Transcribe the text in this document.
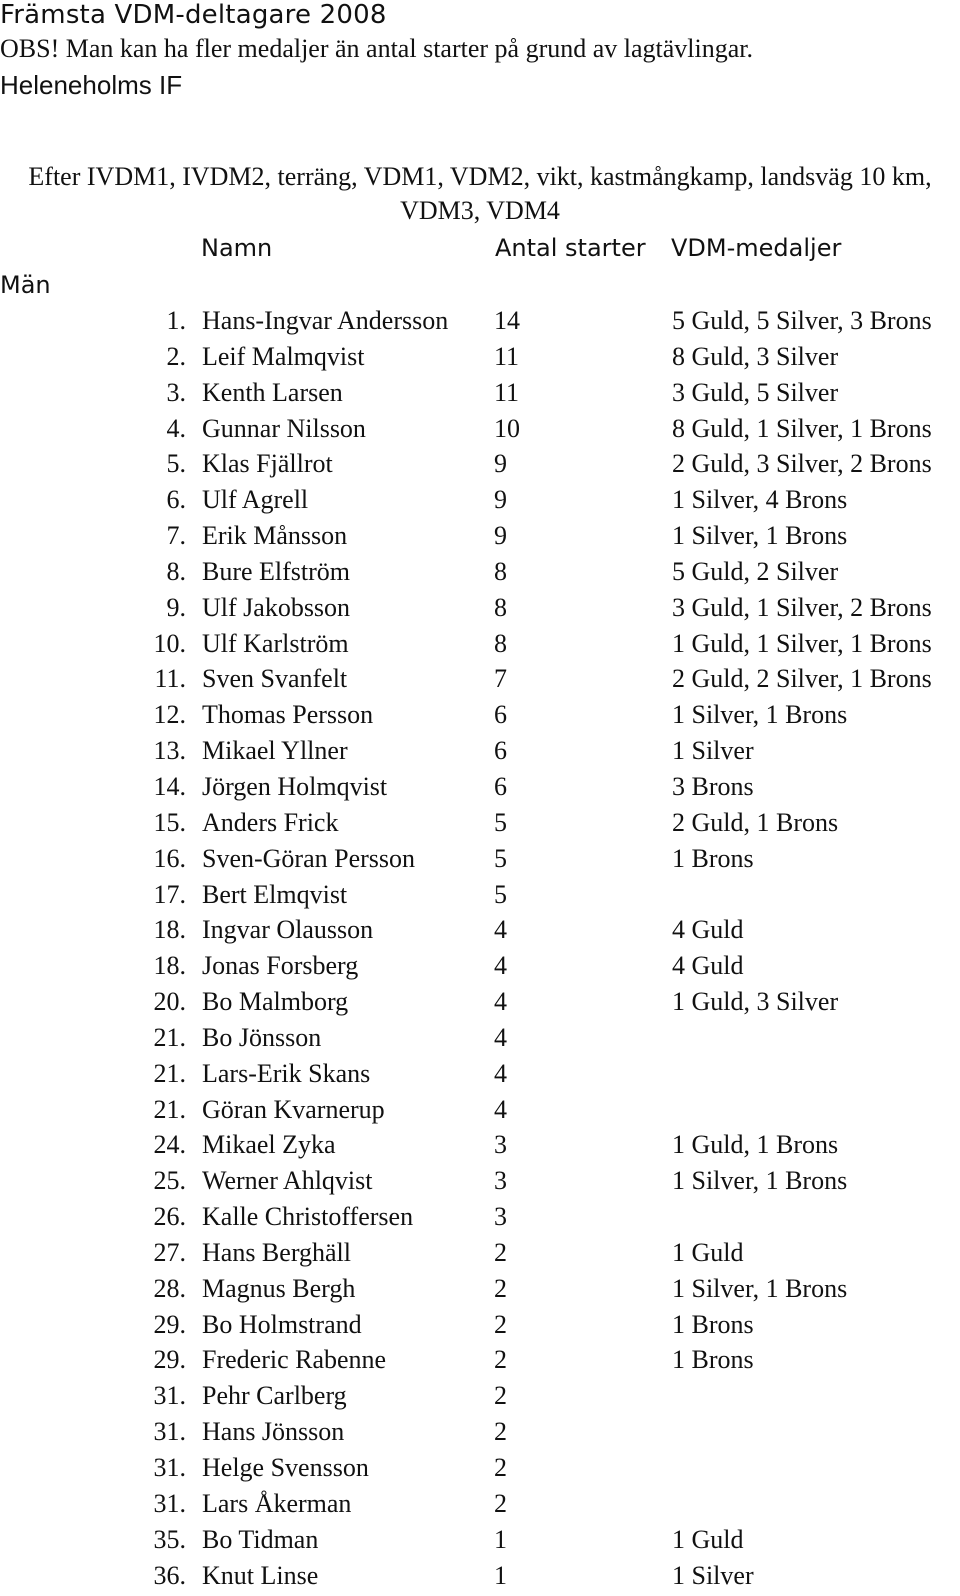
Främsta VDM-deltagare 2008
OBS! Man kan ha fler medaljer än antal starter på grund av lagtävlingar.
Heleneholms IF
Efter IVDM1, IVDM2, terräng, VDM1, VDM2, vikt, kastmångkamp, landsväg 10 km, VDM3, VDM4
Namn	Antal starter VDM-medaljer
Män
1. Hans-Ingvar Andersson 14	5 Guld, 5 Silver, 3 Brons
2. Leif Malmqvist	11	8 Guld, 3 Silver
3. Kenth Larsen	11	3 Guld, 5 Silver
4. Gunnar Nilsson	10	8 Guld, 1 Silver, 1 Brons
5. Klas Fjällrot	9	2 Guld, 3 Silver, 2 Brons
6. Ulf Agrell	9	1 Silver, 4 Brons
7. Erik Månsson	9	1 Silver, 1 Brons
8. Bure Elfström	8	5 Guld, 2 Silver
9. Ulf Jakobsson	8	3 Guld, 1 Silver, 2 Brons
10. Ulf Karlström	8	1 Guld, 1 Silver, 1 Brons
11. Sven Svanfelt	7	2 Guld, 2 Silver, 1 Brons
12. Thomas Persson	6	1 Silver, 1 Brons
13. Mikael Yllner	6	1 Silver
14. Jörgen Holmqvist	6	3 Brons
15. Anders Frick	5	2 Guld, 1 Brons
16. Sven-Göran Persson	5	1 Brons
17. Bert Elmqvist	5
18. Ingvar Olausson	4	4 Guld
18. Jonas Forsberg	4	4 Guld
20. Bo Malmborg	4	1 Guld, 3 Silver
21. Bo Jönsson	4
21. Lars-Erik Skans	4
21. Göran Kvarnerup	4
24. Mikael Zyka	3	1 Guld, 1 Brons
25. Werner Ahlqvist	3	1 Silver, 1 Brons
26. Kalle Christoffersen	3
27. Hans Berghäll	2	1 Guld
28. Magnus Bergh	2	1 Silver, 1 Brons
29. Bo Holmstrand	2	1 Brons
29. Frederic Rabenne	2	1 Brons
31. Pehr Carlberg	2
31. Hans Jönsson	2
31. Helge Svensson	2
31. Lars Åkerman	2
35. Bo Tidman	1	1 Guld
36. Knut Linse	1	1 Silver
